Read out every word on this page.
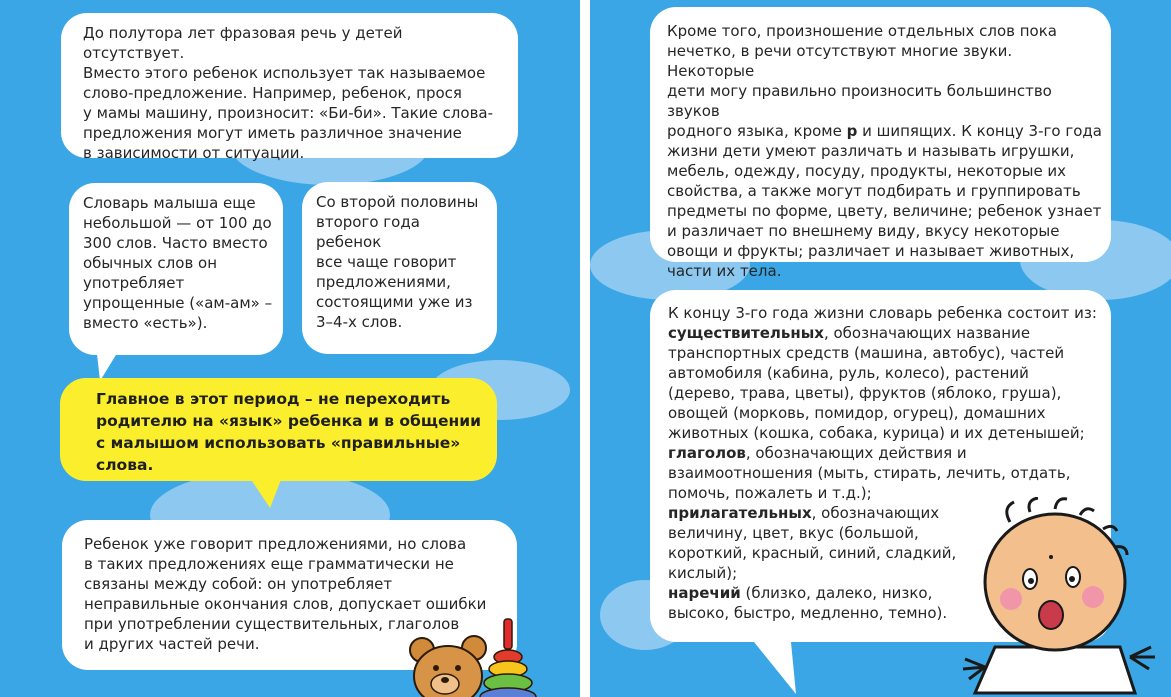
До полутора лет фразовая речь у детей отсутствует.
Вместо этого ребенок использует так называемое
слово-предложение. Например, ребенок, прося
у мамы машину, произносит: «Би-би». Такие слова-
предложения могут иметь различное значение
в зависимости от ситуации.
Словарь малыша еще
небольшой — от 100 до
300 слов. Часто вместо
обычных слов он
употребляет
упрощенные («ам-ам» –
вместо «есть»).
Со второй половины
второго года ребенок
все чаще говорит
предложениями,
состоящими уже из
3–4-х слов.
Главное в этот период – не переходить
родителю на «язык» ребенка и в общении
с малышом использовать «правильные»
слова.
Ребенок уже говорит предложениями, но слова
в таких предложениях еще грамматически не
связаны между собой: он употребляет
неправильные окончания слов, допускает ошибки
при употреблении существительных, глаголов
и других частей речи.
Кроме того, произношение отдельных слов пока
нечетко, в речи отсутствуют многие звуки. Некоторые
дети могу правильно произносить большинство звуков
родного языка, кроме р и шипящих. К концу 3-го года
жизни дети умеют различать и называть игрушки,
мебель, одежду, посуду, продукты, некоторые их
свойства, а также могут подбирать и группировать
предметы по форме, цвету, величине; ребенок узнает
и различает по внешнему виду, вкусу некоторые
овощи и фрукты; различает и называет животных,
части их тела.
К концу 3-го года жизни словарь ребенка состоит из:
существительных, обозначающих название
транспортных средств (машина, автобус), частей
автомобиля (кабина, руль, колесо), растений
(дерево, трава, цветы), фруктов (яблоко, груша),
овощей (морковь, помидор, огурец), домашних
животных (кошка, собака, курица) и их детенышей;
глаголов, обозначающих действия и
взаимоотношения (мыть, стирать, лечить, отдать,
помочь, пожалеть и т.д.);
прилагательных, обозначающих
величину, цвет, вкус (большой,
короткий, красный, синий, сладкий,
кислый);
наречий (близко, далеко, низко,
высоко, быстро, медленно, темно).
